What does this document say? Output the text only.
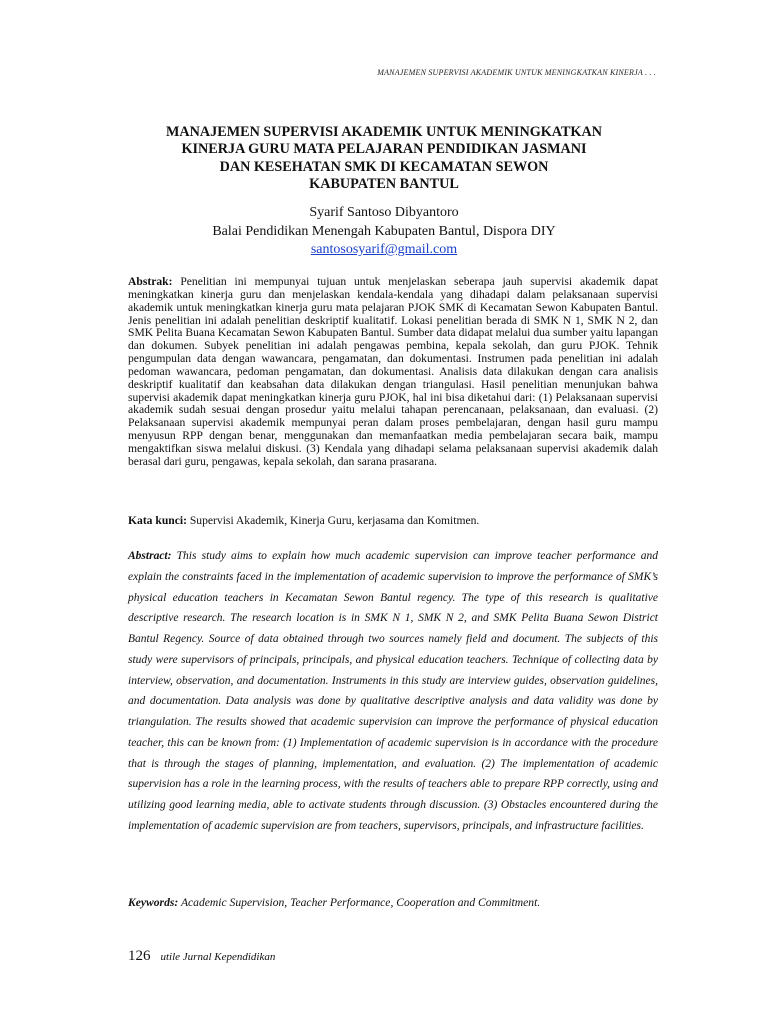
MANAJEMEN SUPERVISI AKADEMIK UNTUK MENINGKATKAN KINERJA . . .
MANAJEMEN SUPERVISI AKADEMIK UNTUK MENINGKATKAN
KINERJA GURU MATA PELAJARAN PENDIDIKAN JASMANI
DAN KESEHATAN SMK DI KECAMATAN SEWON
KABUPATEN BANTUL
Syarif Santoso Dibyantoro
Balai Pendidikan Menengah Kabupaten Bantul, Dispora DIY
santososyarif@gmail.com
Abstrak: Penelitian ini mempunyai tujuan untuk menjelaskan seberapa jauh supervisi akademik dapat meningkatkan kinerja guru dan menjelaskan kendala-kendala yang dihadapi dalam pelaksanaan supervisi akademik untuk meningkatkan kinerja guru mata pelajaran PJOK SMK di Kecamatan Sewon Kabupaten Bantul. Jenis penelitian ini adalah penelitian deskriptif kualitatif. Lokasi penelitian berada di SMK N 1, SMK N 2, dan SMK Pelita Buana Kecamatan Sewon Kabupaten Bantul. Sumber data didapat melalui dua sumber yaitu lapangan dan dokumen. Subyek penelitian ini adalah pengawas pembina, kepala sekolah, dan guru PJOK. Tehnik pengumpulan data dengan wawancara, pengamatan, dan dokumentasi. Instrumen pada penelitian ini adalah pedoman wawancara, pedoman pengamatan, dan dokumentasi. Analisis data dilakukan dengan cara analisis deskriptif kualitatif dan keabsahan data dilakukan dengan triangulasi. Hasil penelitian menunjukan bahwa supervisi akademik dapat meningkatkan kinerja guru PJOK, hal ini bisa diketahui dari: (1) Pelaksanaan supervisi akademik sudah sesuai dengan prosedur yaitu melalui tahapan perencanaan, pelaksanaan, dan evaluasi. (2) Pelaksanaan supervisi akademik mempunyai peran dalam proses pembelajaran, dengan hasil guru mampu menyusun RPP dengan benar, menggunakan dan memanfaatkan media pembelajaran secara baik, mampu mengaktifkan siswa melalui diskusi. (3) Kendala yang dihadapi selama pelaksanaan supervisi akademik dalah berasal dari guru, pengawas, kepala sekolah, dan sarana prasarana.
Kata kunci: Supervisi Akademik, Kinerja Guru, kerjasama dan Komitmen.
Abstract: This study aims to explain how much academic supervision can improve teacher performance and explain the constraints faced in the implementation of academic supervision to improve the performance of SMK’s physical education teachers in Kecamatan Sewon Bantul regency. The type of this research is qualitative descriptive research. The research location is in SMK N 1, SMK N 2, and SMK Pelita Buana Sewon District Bantul Regency. Source of data obtained through two sources namely field and document. The subjects of this study were supervisors of principals, principals, and physical education teachers. Technique of collecting data by interview, observation, and documentation. Instruments in this study are interview guides, observation guidelines, and documentation. Data analysis was done by qualitative descriptive analysis and data validity was done by triangulation. The results showed that academic supervision can improve the performance of physical education teacher, this can be known from: (1) Implementation of academic supervision is in accordance with the procedure that is through the stages of planning, implementation, and evaluation. (2) The implementation of academic supervision has a role in the learning process, with the results of teachers able to prepare RPP correctly, using and utilizing good learning media, able to activate students through discussion. (3) Obstacles encountered during the implementation of academic supervision are from teachers, supervisors, principals, and infrastructure facilities.
Keywords: Academic Supervision, Teacher Performance, Cooperation and Commitment.
126 utile Jurnal Kependidikan
